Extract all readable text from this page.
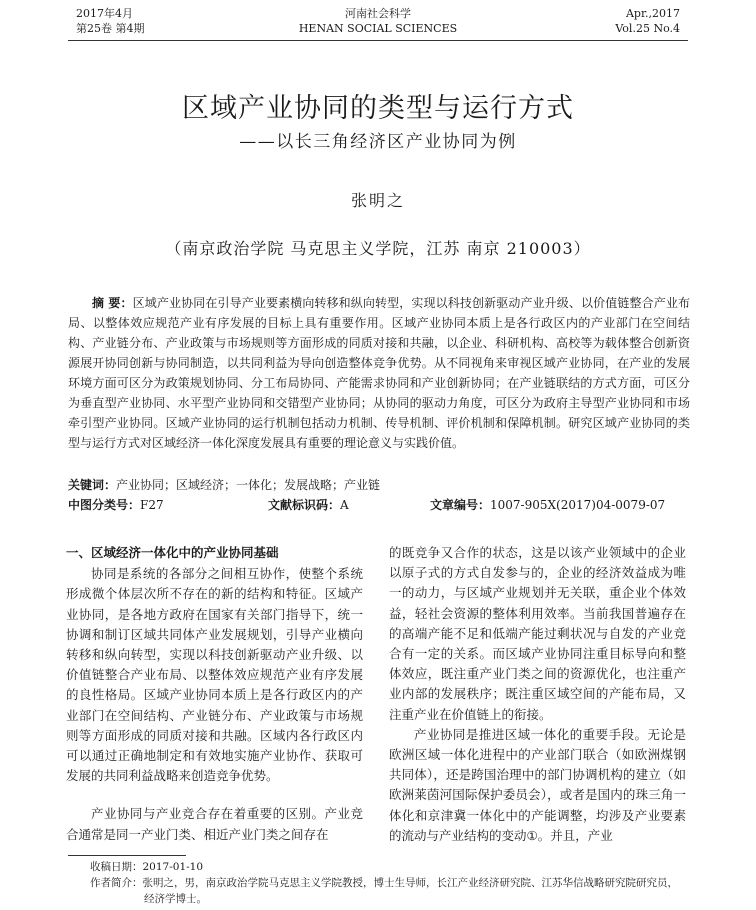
2017年4月
第25卷 第4期
河南社会科学
HENAN SOCIAL SCIENCES
Apr.,2017
Vol.25 No.4
区域产业协同的类型与运行方式
——以长三角经济区产业协同为例
张明之
（南京政治学院 马克思主义学院，江苏 南京 210003）

摘 要：区域产业协同在引导产业要素横向转移和纵向转型，实现以科技创新驱动产业升级、以价值链整合产业布局、以整体效应规范产业有序发展的目标上具有重要作用。区域产业协同本质上是各行政区内的产业部门在空间结构、产业链分布、产业政策与市场规则等方面形成的同质对接和共融，以企业、科研机构、高校等为载体整合创新资源展开协同创新与协同制造，以共同利益为导向创造整体竞争优势。从不同视角来审视区域产业协同，在产业的发展环境方面可区分为政策规划协同、分工布局协同、产能需求协同和产业创新协同；在产业链联结的方式方面，可区分为垂直型产业协同、水平型产业协同和交错型产业协同；从协同的驱动力角度，可区分为政府主导型产业协同和市场牵引型产业协同。区域产业协同的运行机制包括动力机制、传导机制、评价机制和保障机制。研究区域产业协同的类型与运行方式对区域经济一体化深度发展具有重要的理论意义与实践价值。

关键词：产业协同；区域经济；一体化；发展战略；产业链
中图分类号： F27	文献标识码： A	文章编号： 1007-905X(2017)04-0079-07

一、区域经济一体化中的产业协同基础

协同是系统的各部分之间相互协作，使整个系统形成微个体层次所不存在的新的结构和特征。区域产业协同，是各地方政府在国家有关部门指导下，统一协调和制订区域共同体产业发展规划，引导产业横向转移和纵向转型，实现以科技创新驱动产业升级、以价值链整合产业布局、以整体效应规范产业有序发展的良性格局。区域产业协同本质上是各行政区内的产业部门在空间结构、产业链分布、产业政策与市场规则等方面形成的同质对接和共融。区域内各行政区内可以通过正确地制定和有效地实施产业协作、获取可发展的共同利益战略来创造竞争优势。

产业协同与产业竞合存在着重要的区别。产业竞合通常是同一产业门类、相近产业门类之间存在

的既竞争又合作的状态，这是以该产业领域中的企业以原子式的方式自发参与的，企业的经济效益成为唯一的动力，与区域产业规划并无关联，重企业个体效益，轻社会资源的整体利用效率。当前我国普遍存在的高端产能不足和低端产能过剩状况与自发的产业竞合有一定的关系。而区域产业协同注重目标导向和整体效应，既注重产业门类之间的资源优化，也注重产业内部的发展秩序；既注重区域空间的产能布局，又注重产业在价值链上的衔接。

产业协同是推进区域一体化的重要手段。无论是欧洲区域一体化进程中的产业部门联合（如欧洲煤钢共同体），还是跨国治理中的部门协调机构的建立（如欧洲莱茵河国际保护委员会），或者是国内的珠三角一体化和京津冀一体化中的产能调整，均涉及产业要素的流动与产业结构的变动①。并且，产业

收稿日期：2017-01-10
作者简介：张明之，男，南京政治学院马克思主义学院教授，博士生导师，长江产业经济研究院、江苏华信战略研究院研究员，
经济学博士。
